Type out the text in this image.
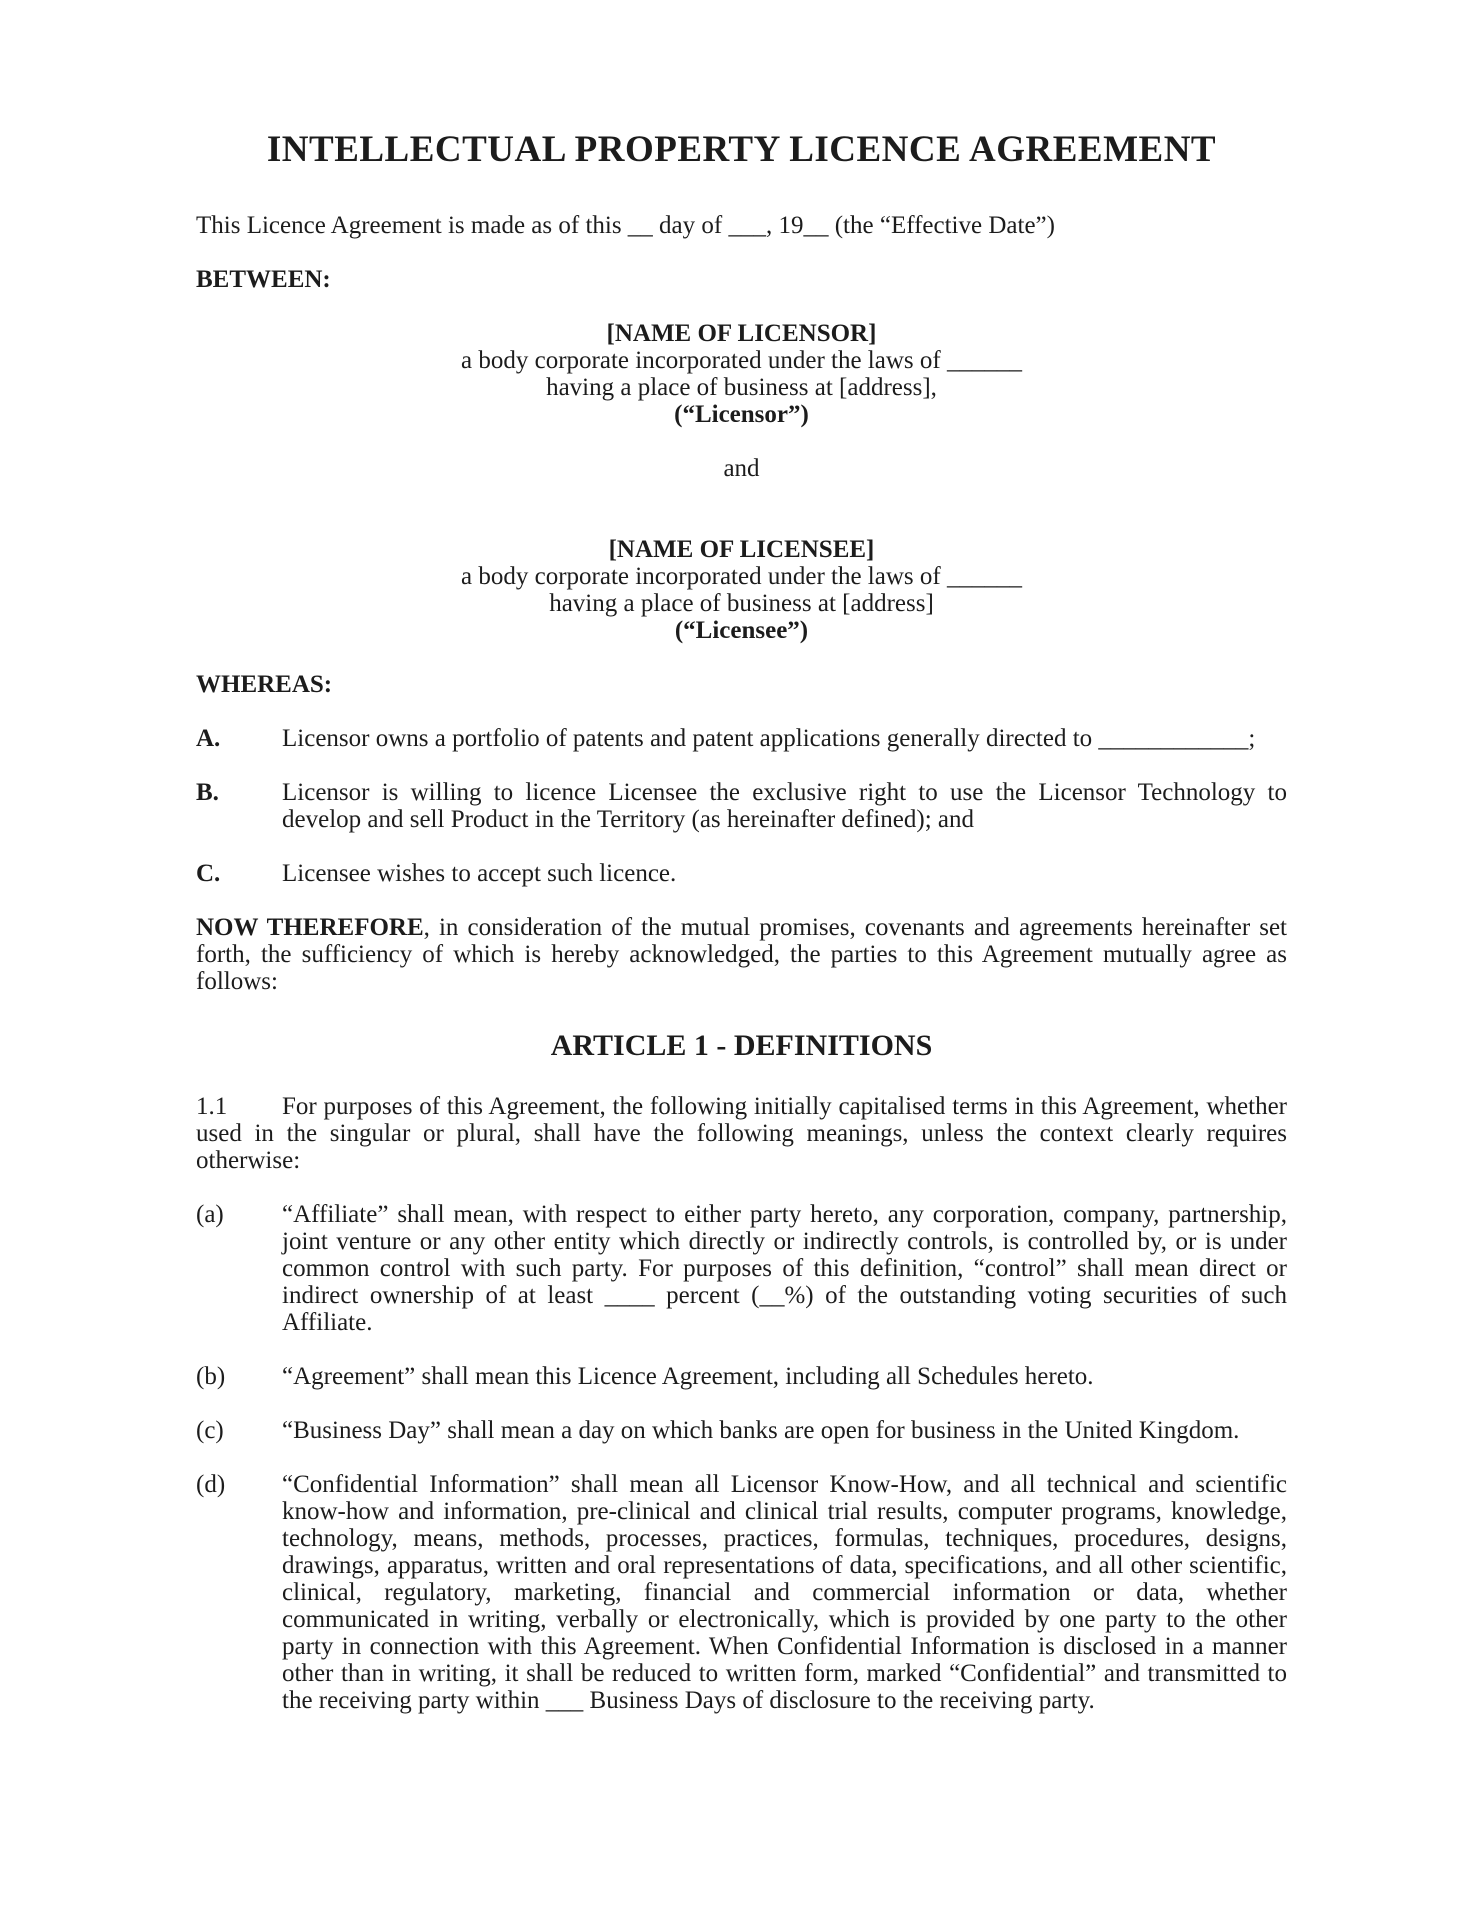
INTELLECTUAL PROPERTY LICENCE AGREEMENT

This Licence Agreement is made as of this __ day of ___, 19__ (the “Effective Date”)

BETWEEN:

[NAME OF LICENSOR]
a body corporate incorporated under the laws of ______
having a place of business at [address],
(“Licensor”)
and
[NAME OF LICENSEE]
a body corporate incorporated under the laws of ______
having a place of business at [address]
(“Licensee”)

WHEREAS:

A. Licensor owns a portfolio of patents and patent applications generally directed to ____________;
B.	Licensor is willing to licence Licensee the exclusive right to use the Licensor Technology to develop and sell Product in the Territory (as hereinafter defined); and
C. Licensee wishes to accept such licence.

NOW THEREFORE, in consideration of the mutual promises, covenants and agreements hereinafter set forth, the sufficiency of which is hereby acknowledged, the parties to this Agreement mutually agree as follows:

ARTICLE 1 - DEFINITIONS

1.1 For purposes of this Agreement, the following initially capitalised terms in this Agreement, whether used in the singular or plural, shall have the following meanings, unless the context clearly requires otherwise:

(a) “Affiliate” shall mean, with respect to either party hereto, any corporation, company, partnership, joint venture or any other entity which directly or indirectly controls, is controlled by, or is under common control with such party. For purposes of this definition, “control” shall mean direct or indirect ownership of at least ____ percent (__%) of the outstanding voting securities of such Affiliate.
(b) “Agreement” shall mean this Licence Agreement, including all Schedules hereto.
(c) “Business Day” shall mean a day on which banks are open for business in the United Kingdom.
(d) “Confidential Information” shall mean all Licensor Know-How, and all technical and scientific know-how and information, pre-clinical and clinical trial results, computer programs, knowledge, technology, means, methods, processes, practices, formulas, techniques, procedures, designs, drawings, apparatus, written and oral representations of data, specifications, and all other scientific, clinical, regulatory, marketing, financial and commercial information or data, whether communicated in writing, verbally or electronically, which is provided by one party to the other party in connection with this Agreement. When Confidential Information is disclosed in a manner other than in writing, it shall be reduced to written form, marked “Confidential” and transmitted to the receiving party within ___ Business Days of disclosure to the receiving party.
